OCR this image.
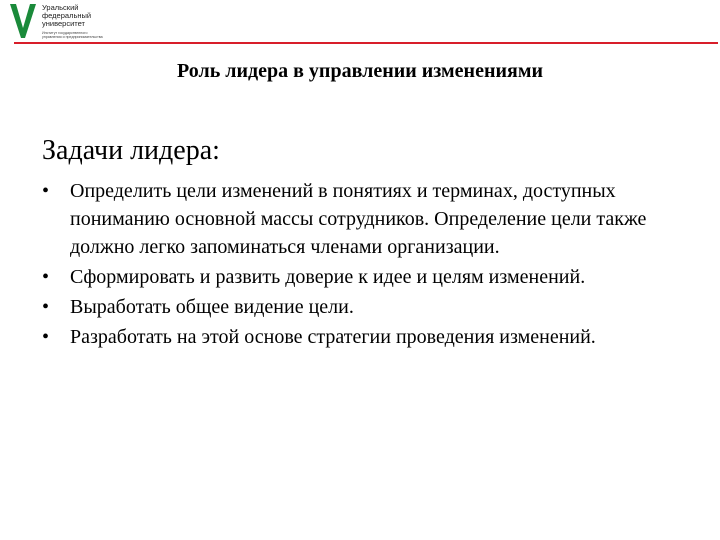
Уральский
федеральный
университет
Институт государственного
управления и предпринимательства
Роль лидера в управлении изменениями
Задачи лидера:
• Определить цели изменений в понятиях и терминах, доступных пониманию основной массы сотрудников. Определение цели также должно легко запоминаться членами организации.
• Сформировать и развить доверие к идее и целям изменений.
• Выработать общее видение цели.
• Разработать на этой основе стратегии проведения изменений.
